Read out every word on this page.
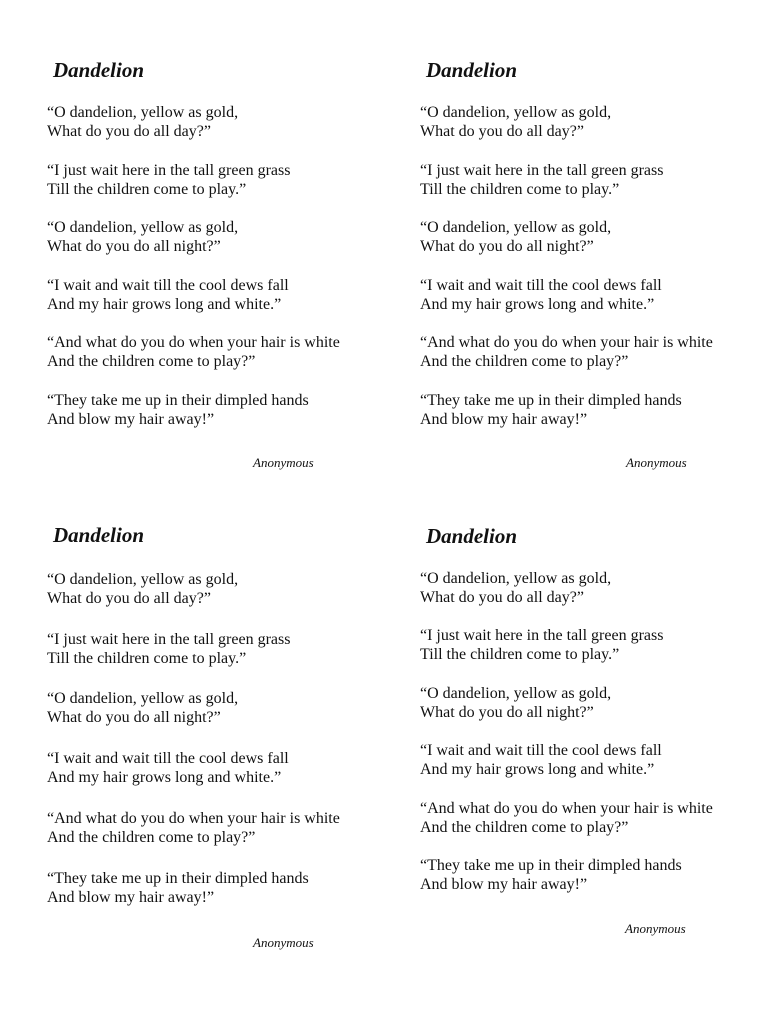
Dandelion

“O dandelion, yellow as gold,
What do you do all day?”

“I just wait here in the tall green grass
Till the children come to play.”

“O dandelion, yellow as gold,
What do you do all night?”

“I wait and wait till the cool dews fall
And my hair grows long and white.”

“And what do you do when your hair is white
And the children come to play?”

“They take me up in their dimpled hands
And blow my hair away!”

Anonymous

Dandelion

“O dandelion, yellow as gold,
What do you do all day?”

“I just wait here in the tall green grass
Till the children come to play.”

“O dandelion, yellow as gold,
What do you do all night?”

“I wait and wait till the cool dews fall
And my hair grows long and white.”

“And what do you do when your hair is white
And the children come to play?”

“They take me up in their dimpled hands
And blow my hair away!”

Anonymous

Dandelion

“O dandelion, yellow as gold,
What do you do all day?”

“I just wait here in the tall green grass
Till the children come to play.”

“O dandelion, yellow as gold,
What do you do all night?”

“I wait and wait till the cool dews fall
And my hair grows long and white.”

“And what do you do when your hair is white
And the children come to play?”

“They take me up in their dimpled hands
And blow my hair away!”

Anonymous

Dandelion

“O dandelion, yellow as gold,
What do you do all day?”

“I just wait here in the tall green grass
Till the children come to play.”

“O dandelion, yellow as gold,
What do you do all night?”

“I wait and wait till the cool dews fall
And my hair grows long and white.”

“And what do you do when your hair is white
And the children come to play?”

“They take me up in their dimpled hands
And blow my hair away!”

Anonymous
